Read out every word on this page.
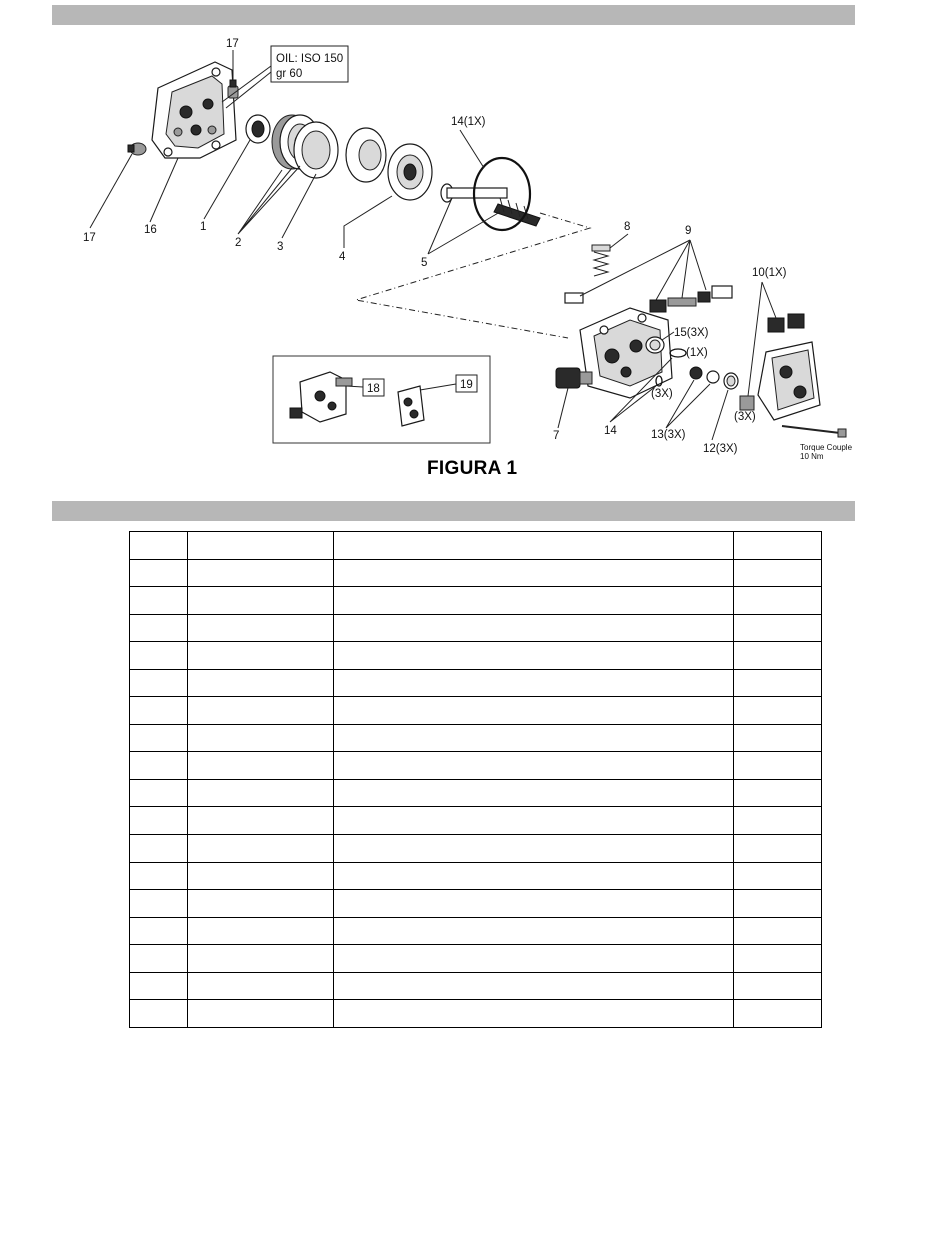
OIL: ISO 150
gr 60
17
17
16	1
2	3
4	5
14(1X)
8	9
10(1X)
15(3X)
(1X)
(3X)
(3X)
7	14	13(3X)
12(3X)	Torque Couple
10 Nm
18	19
FIGURA 1
